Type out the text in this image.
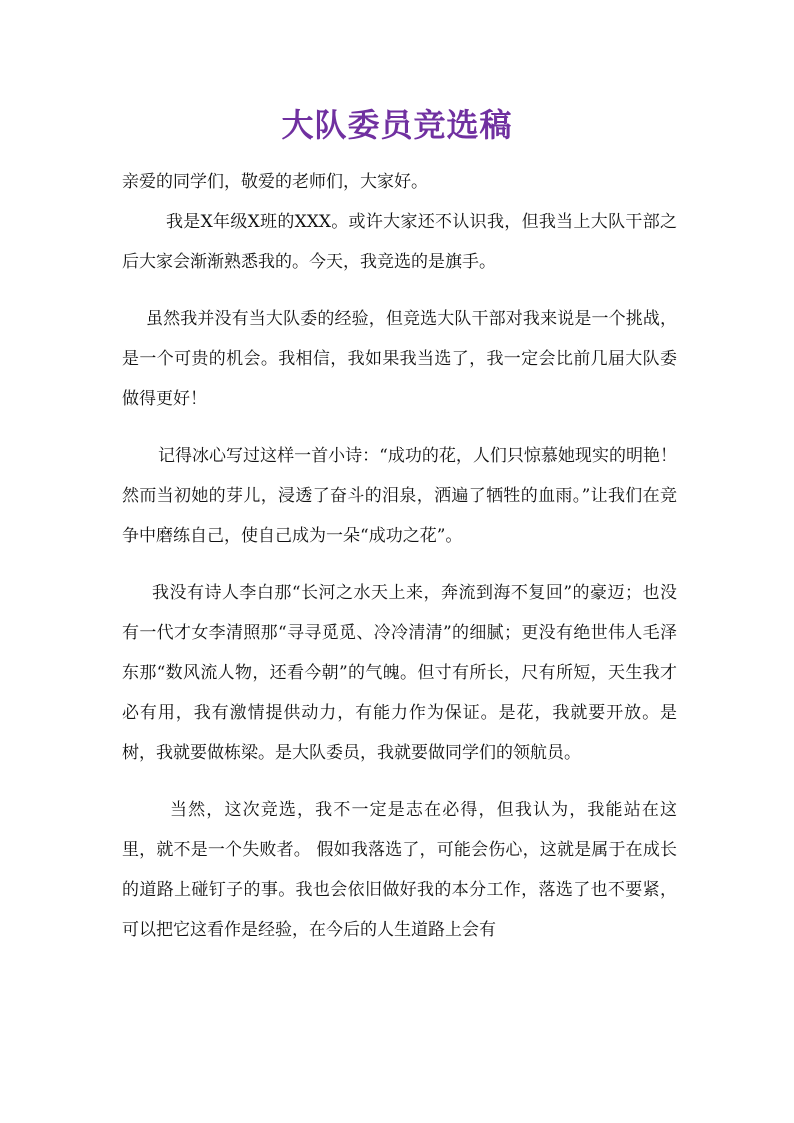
大队委员竞选稿

亲爱的同学们，敬爱的老师们，大家好。

我是X年级X班的XXX。或许大家还不认识我，但我当上大队干部之后大家会渐渐熟悉我的。今天，我竞选的是旗手。

虽然我并没有当大队委的经验，但竞选大队干部对我来说是一个挑战，是一个可贵的机会。我相信，我如果我当选了，我一定会比前几届大队委做得更好！

记得冰心写过这样一首小诗：“成功的花，人们只惊慕她现实的明艳！然而当初她的芽儿，浸透了奋斗的泪泉，洒遍了牺牲的血雨。”让我们在竞争中磨练自己，使自己成为一朵“成功之花”。

我没有诗人李白那“长河之水天上来，奔流到海不复回”的豪迈；也没有一代才女李清照那“寻寻觅觅、冷冷清清”的细腻；更没有绝世伟人毛泽东那“数风流人物，还看今朝”的气魄。但寸有所长，尺有所短，天生我才必有用，我有激情提供动力，有能力作为保证。是花，我就要开放。是树，我就要做栋梁。是大队委员，我就要做同学们的领航员。

当然，这次竞选，我不一定是志在必得，但我认为，我能站在这里，就不是一个失败者。 假如我落选了，可能会伤心，这就是属于在成长的道路上碰钉子的事。我也会依旧做好我的本分工作，落选了也不要紧，可以把它这看作是经验，在今后的人生道路上会有
